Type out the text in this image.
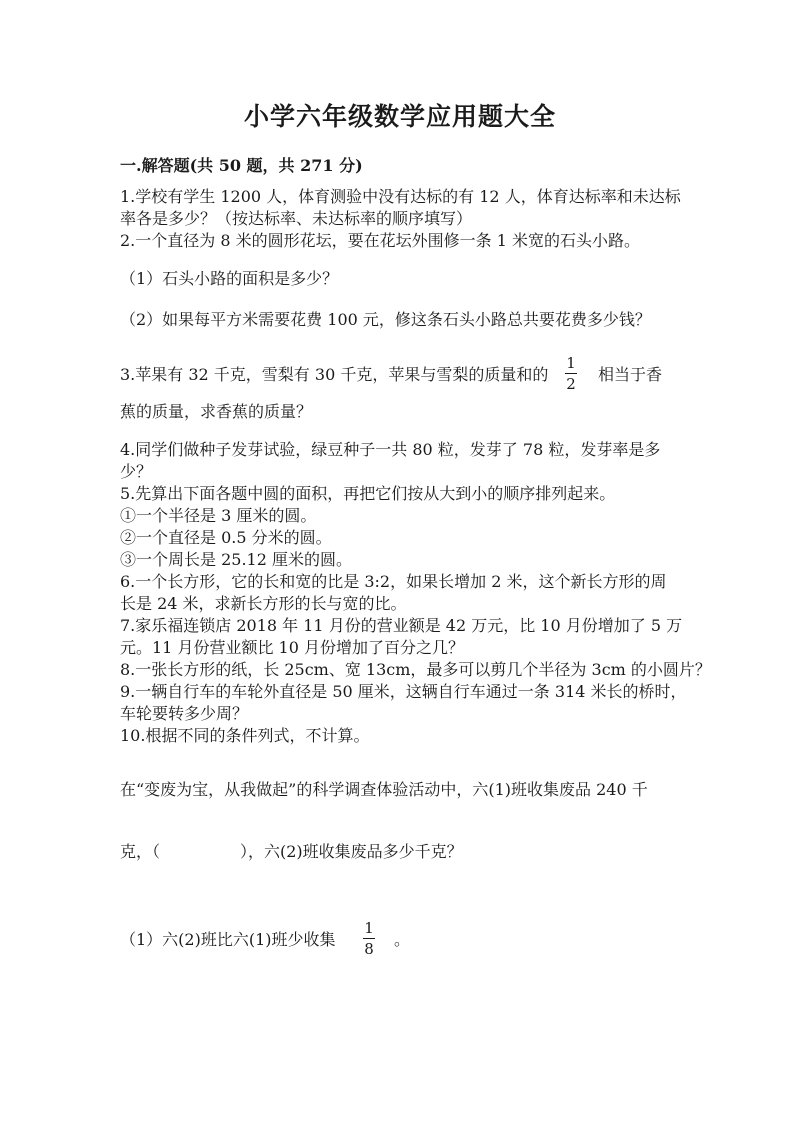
小学六年级数学应用题大全
一.解答题(共 50 题，共 271 分)
1.学校有学生 1200 人，体育测验中没有达标的有 12 人，体育达标率和未达标
率各是多少？（按达标率、未达标率的顺序填写）
2.一个直径为 8 米的圆形花坛，要在花坛外围修一条 1 米宽的石头小路。
（1）石头小路的面积是多少？
（2）如果每平方米需要花费 100 元，修这条石头小路总共要花费多少钱？
3.苹果有 32 千克，雪梨有 30 千克，苹果与雪梨的质量和的
1
2 相当于香
蕉的质量，求香蕉的质量？
4.同学们做种子发芽试验，绿豆种子一共 80 粒，发芽了 78 粒，发芽率是多
少？
5.先算出下面各题中圆的面积，再把它们按从大到小的顺序排列起来。
①一个半径是 3 厘米的圆。
②一个直径是 0.5 分米的圆。
③一个周长是 25.12 厘米的圆。
6.一个长方形，它的长和宽的比是 3:2，如果长增加 2 米，这个新长方形的周
长是 24 米，求新长方形的长与宽的比。
7.家乐福连锁店 2018 年 11 月份的营业额是 42 万元，比 10 月份增加了 5 万
元。11 月份营业额比 10 月份增加了百分之几？
8.一张长方形的纸，长 25cm、宽 13cm，最多可以剪几个半径为 3cm 的小圆片？
9.一辆自行车的车轮外直径是 50 厘米，这辆自行车通过一条 314 米长的桥时，
车轮要转多少周？
10.根据不同的条件列式，不计算。
在“变废为宝，从我做起”的科学调查体验活动中，六(1)班收集废品 240 千
克，（　　　　　），六(2)班收集废品多少千克？
（1）六(2)班比六(1)班少收集
1
8 。
